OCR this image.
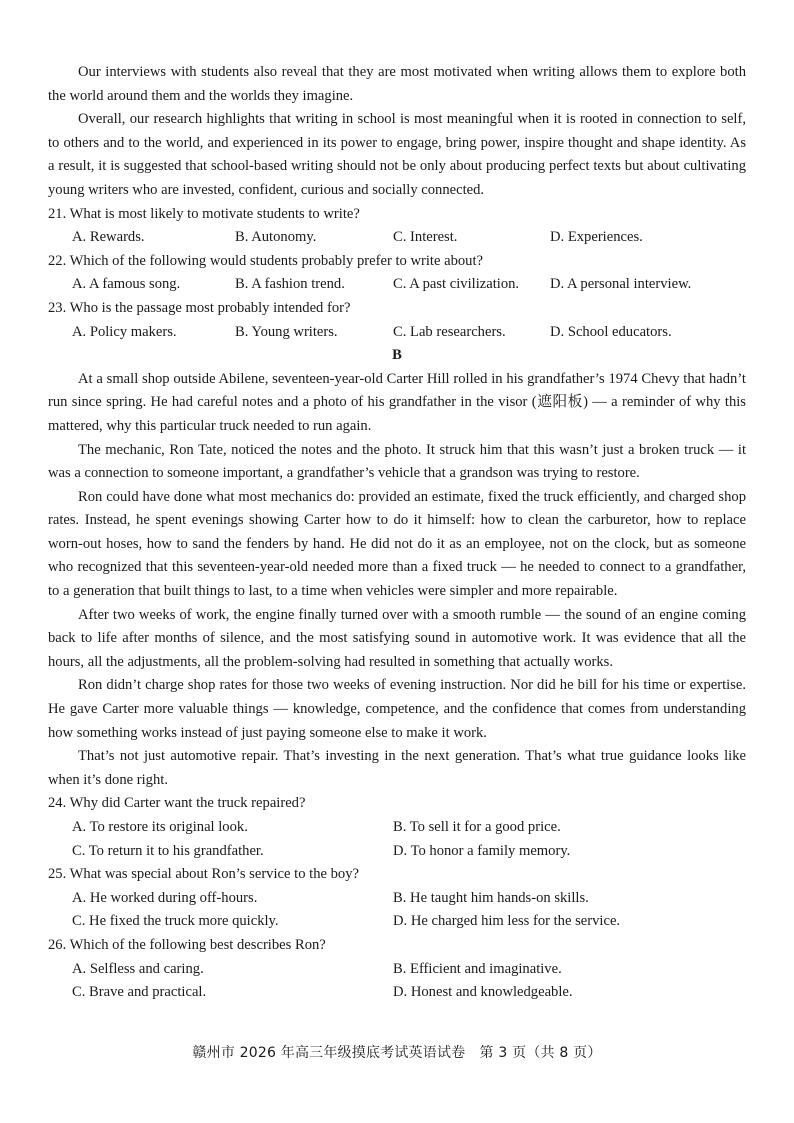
Our interviews with students also reveal that they are most motivated when writing allows them to explore both the world around them and the worlds they imagine.

Overall, our research highlights that writing in school is most meaningful when it is rooted in connection to self, to others and to the world, and experienced in its power to engage, bring power, inspire thought and shape identity. As a result, it is suggested that school-based writing should not be only about producing perfect texts but about cultivating young writers who are invested, confident, curious and socially connected.

21. What is most likely to motivate students to write?
A. Rewards.	B. Autonomy.	C. Interest.	D. Experiences.
22. Which of the following would students probably prefer to write about?
A. A famous song.	B. A fashion trend.	C. A past civilization.	D. A personal interview.
23. Who is the passage most probably intended for?
A. Policy makers.	B. Young writers.	C. Lab researchers.	D. School educators.
B

At a small shop outside Abilene, seventeen-year-old Carter Hill rolled in his grandfather’s 1974 Chevy that hadn’t run since spring. He had careful notes and a photo of his grandfather in the visor (遮阳板) — a reminder of why this mattered, why this particular truck needed to run again.

The mechanic, Ron Tate, noticed the notes and the photo. It struck him that this wasn’t just a broken truck — it was a connection to someone important, a grandfather’s vehicle that a grandson was trying to restore.

Ron could have done what most mechanics do: provided an estimate, fixed the truck efficiently, and charged shop rates. Instead, he spent evenings showing Carter how to do it himself: how to clean the carburetor, how to replace worn-out hoses, how to sand the fenders by hand. He did not do it as an employee, not on the clock, but as someone who recognized that this seventeen-year-old needed more than a fixed truck — he needed to connect to a grandfather, to a generation that built things to last, to a time when vehicles were simpler and more repairable.

After two weeks of work, the engine finally turned over with a smooth rumble — the sound of an engine coming back to life after months of silence, and the most satisfying sound in automotive work. It was evidence that all the hours, all the adjustments, all the problem-solving had resulted in something that actually works.

Ron didn’t charge shop rates for those two weeks of evening instruction. Nor did he bill for his time or expertise. He gave Carter more valuable things — knowledge, competence, and the confidence that comes from understanding how something works instead of just paying someone else to make it work.

That’s not just automotive repair. That’s investing in the next generation. That’s what true guidance looks like when it’s done right.

24. Why did Carter want the truck repaired?
A. To restore its original look.	B. To sell it for a good price.
C. To return it to his grandfather.	D. To honor a family memory.
25. What was special about Ron’s service to the boy?
A. He worked during off-hours.	B. He taught him hands-on skills.
C. He fixed the truck more quickly.	D. He charged him less for the service.
26. Which of the following best describes Ron?
A. Selfless and caring.	B. Efficient and imaginative.
C. Brave and practical.	D. Honest and knowledgeable.
赣州市 2026 年高三年级摸底考试英语试卷　第 3 页（共 8 页）
